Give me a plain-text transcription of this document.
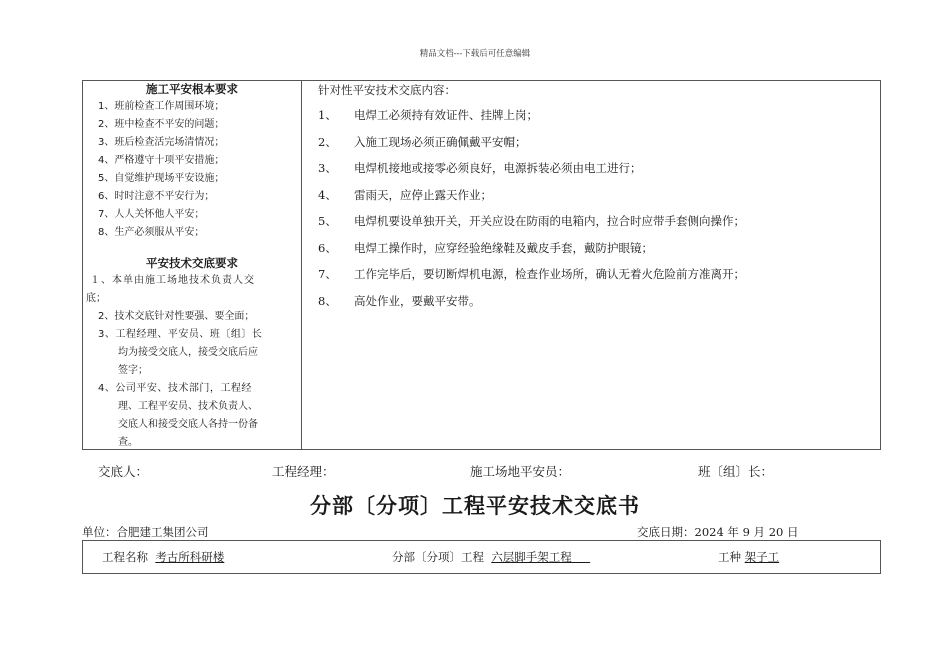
精品文档---下载后可任意编辑
施工平安根本要求
1、班前检查工作周围环境；
2、班中检查不平安的问题；
3、班后检查活完场清情况；
4、严格遵守十项平安措施；
5、自觉维护现场平安设施；
6、时时注意不平安行为；
7、人人关怀他人平安；
8、生产必须服从平安；
平安技术交底要求
１、本单由施工场地技术负责人交
底；
2、技术交底针对性要强、要全面；
3、工程经理、平安员、班〔组〕长
均为接受交底人，接受交底后应
签字；
4、公司平安、技术部门，工程经
理、工程平安员、技术负责人、
交底人和接受交底人各持一份备
查。
针对性平安技术交底内容：
1、 电焊工必须持有效证件、挂牌上岗；
2、 入施工现场必须正确佩戴平安帽；
3、 电焊机接地或接零必须良好，电源拆装必须由电工进行；
4、 雷雨天，应停止露天作业；
5、 电焊机要设单独开关，开关应设在防雨的电箱内，拉合时应带手套侧向操作；
6、 电焊工操作时，应穿经验绝缘鞋及戴皮手套，戴防护眼镜；
7、 工作完毕后，要切断焊机电源，检查作业场所，确认无着火危险前方准离开；
8、 高处作业，要戴平安带。
交底人：	工程经理：	施工场地平安员：	班〔组〕长：
分部〔分项〕工程平安技术交底书
单位：合肥建工集团公司	交底日期：2024 年 9 月 20 日
工程名称 考古所科研楼	分部〔分项〕工程 六层脚手架工程	工种 架子工
